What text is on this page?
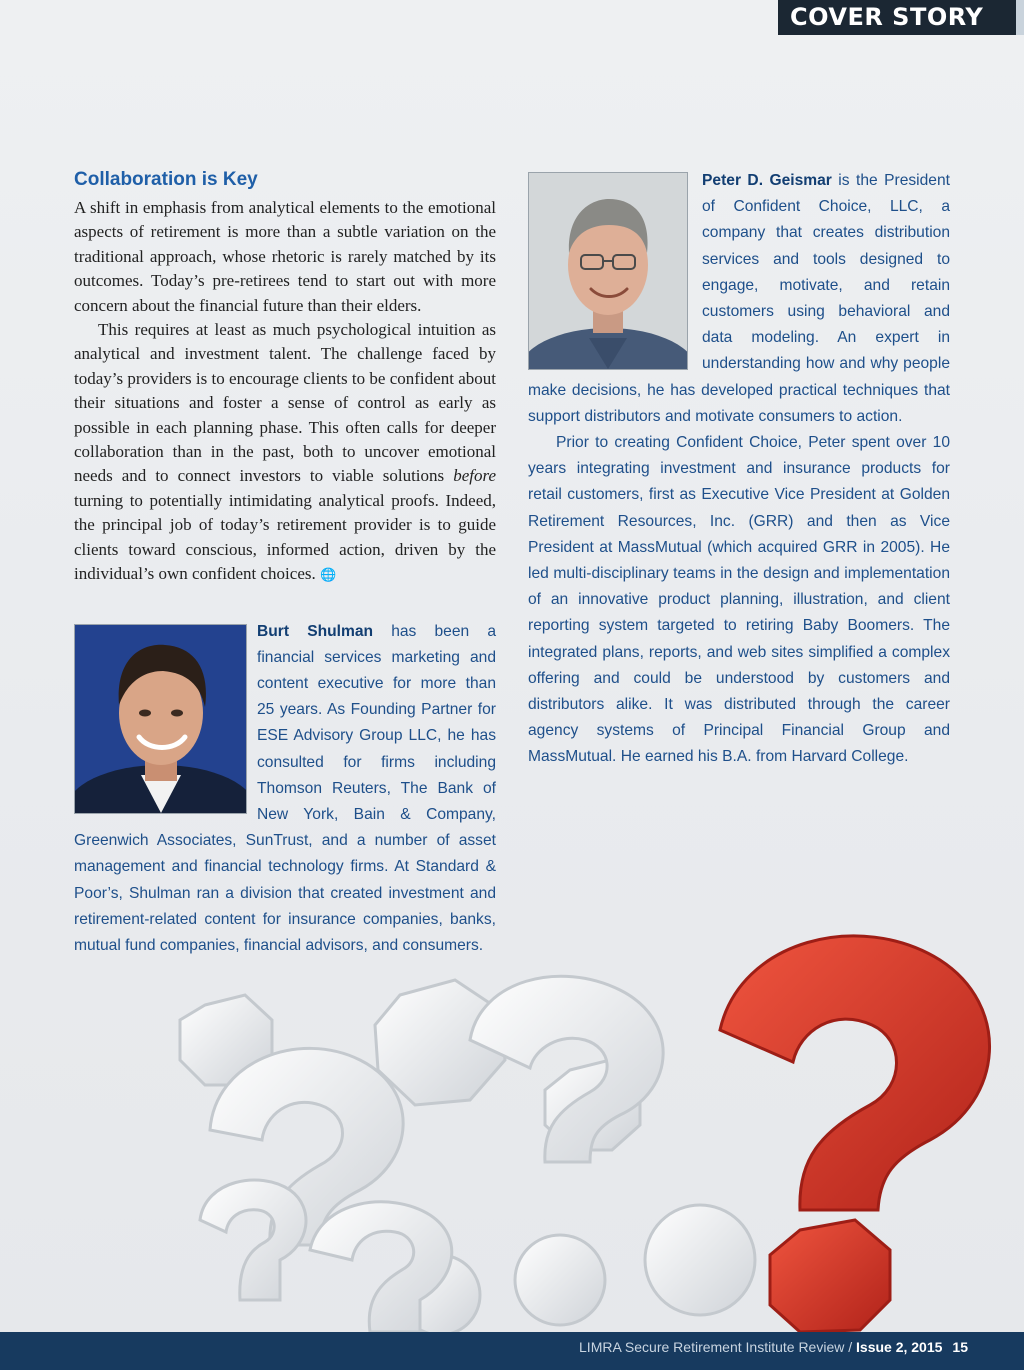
COVER STORY
Collaboration is Key

A shift in emphasis from analytical elements to the emotional aspects of retirement is more than a subtle variation on the traditional approach, whose rhetoric is rarely matched by its outcomes. Today’s pre-retirees tend to start out with more concern about the financial future than their elders.

This requires at least as much psychological intuition as analytical and investment talent. The challenge faced by today’s providers is to encourage clients to be confident about their situations and foster a sense of control as early as possible in each planning phase. This often calls for deeper collaboration than in the past, both to uncover emotional needs and to connect investors to viable solutions before turning to potentially intimidating analytical proofs. Indeed, the principal job of today’s retirement provider is to guide clients toward conscious, informed action, driven by the individual’s own confident choices. 🌐

Burt Shulman has been a financial services marketing and content executive for more than 25 years. As Founding Partner for ESE Advisory Group LLC, he has consulted for firms including Thomson Reuters, The Bank of New York, Bain & Company, Greenwich Associates, SunTrust, and a number of asset management and financial technology firms. At Standard & Poor’s, Shulman ran a division that created investment and retirement-related content for insurance companies, banks, mutual fund companies, financial advisors, and consumers.

Peter D. Geismar is the President of Confident Choice, LLC, a company that creates distribution services and tools designed to engage, motivate, and retain customers using behavioral and data modeling. An expert in understanding how and why people make decisions, he has developed practical techniques that support distributors and motivate consumers to action.

Prior to creating Confident Choice, Peter spent over 10 years integrating investment and insurance products for retail customers, first as Executive Vice President at Golden Retirement Resources, Inc. (GRR) and then as Vice President at MassMutual (which acquired GRR in 2005). He led multi-disciplinary teams in the design and implementation of an innovative product planning, illustration, and client reporting system targeted to retiring Baby Boomers. The integrated plans, reports, and web sites simplified a complex offering and could be understood by customers and distributors alike. It was distributed through the career agency systems of Principal Financial Group and MassMutual. He earned his B.A. from Harvard College.

LIMRA Secure Retirement Institute Review / Issue 2, 2015 15
